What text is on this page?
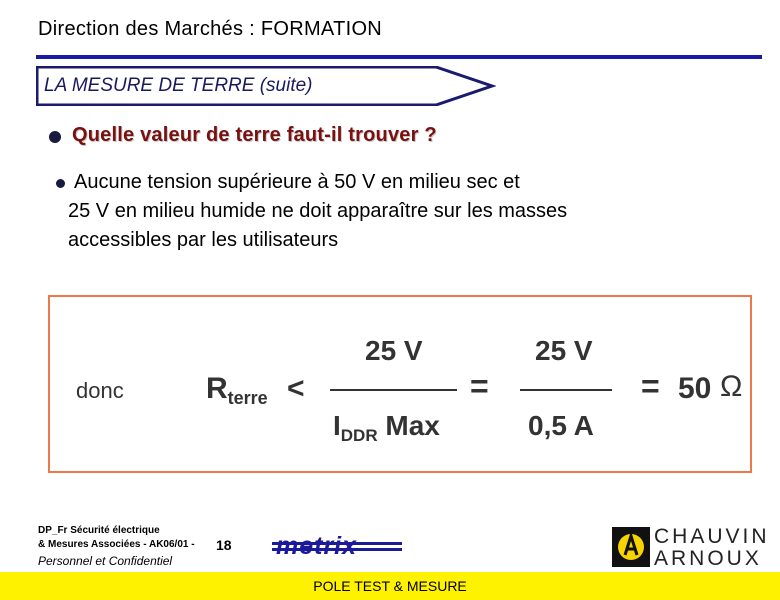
Direction des Marchés : FORMATION
LA MESURE DE TERRE (suite)
Quelle valeur de terre faut-il trouver ?
Aucune tension supérieure à 50 V en milieu sec et
25 V en milieu humide ne doit apparaître sur les masses
accessibles par les utilisateurs
donc	$R_{terre}$ <
25 V
$I_{DDR}$ Max
=
25 V
0,5 A
= 50 Ω
DP_Fr Sécurité électrique
& Mesures Associées - AK06/01 - 18
Personnel et Confidentiel
metrix	CHAUVIN
ARNOUX
POLE TEST & MESURE
